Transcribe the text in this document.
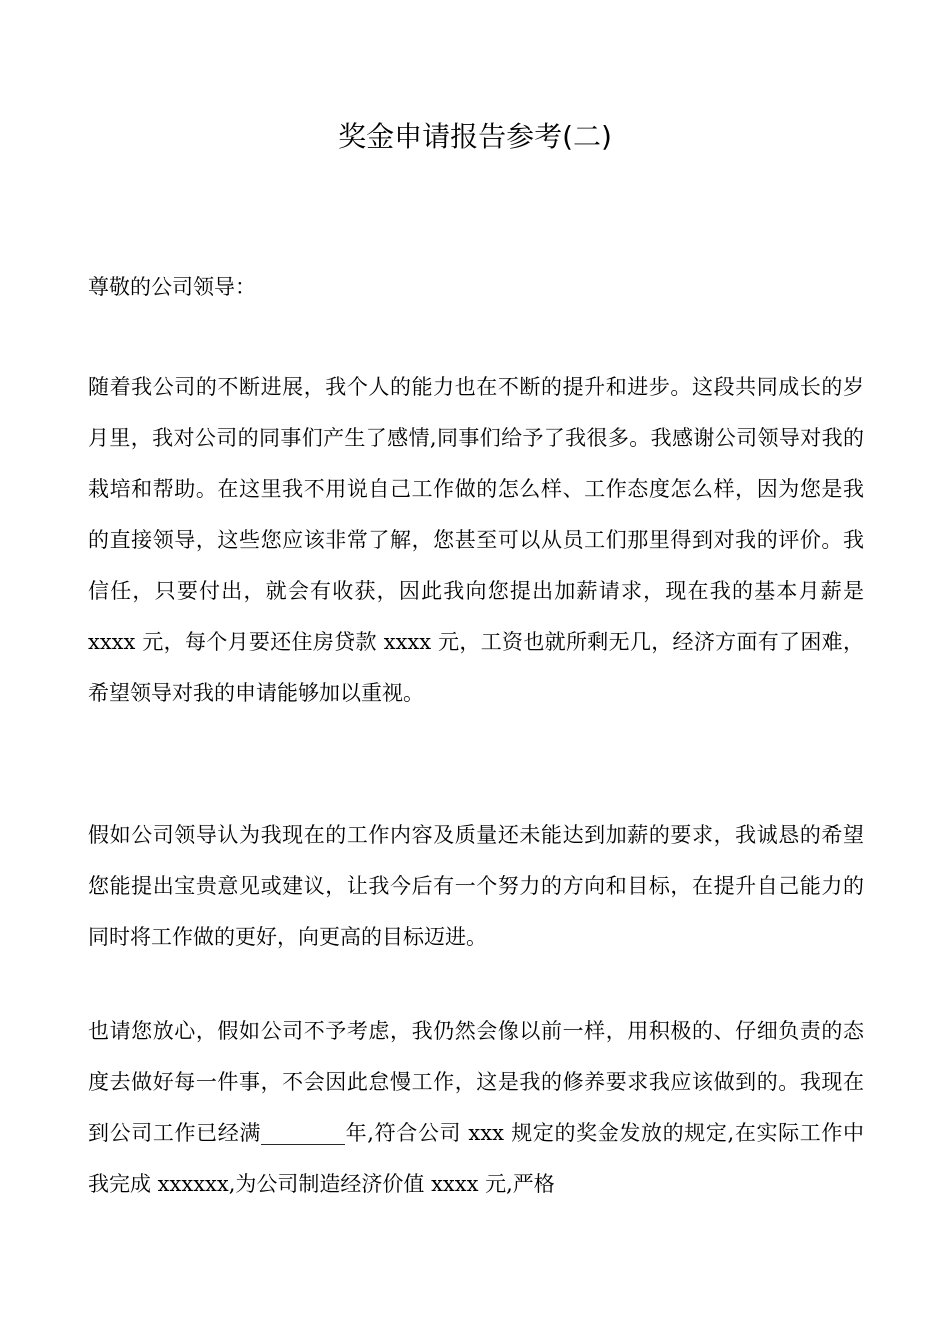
奖金申请报告参考(二)

尊敬的公司领导：

随着我公司的不断进展，我个人的能力也在不断的提升和进步。这段共同成长的岁月里，我对公司的同事们产生了感情,同事们给予了我很多。我感谢公司领导对我的栽培和帮助。在这里我不用说自己工作做的怎么样、工作态度怎么样，因为您是我的直接领导，这些您应该非常了解，您甚至可以从员工们那里得到对我的评价。我信任，只要付出，就会有收获，因此我向您提出加薪请求，现在我的基本月薪是 xxxx 元，每个月要还住房贷款 xxxx 元，工资也就所剩无几，经济方面有了困难，希望领导对我的申请能够加以重视。

假如公司领导认为我现在的工作内容及质量还未能达到加薪的要求，我诚恳的希望您能提出宝贵意见或建议，让我今后有一个努力的方向和目标，在提升自己能力的同时将工作做的更好，向更高的目标迈进。

也请您放心，假如公司不予考虑，我仍然会像以前一样，用积极的、仔细负责的态度去做好每一件事，不会因此怠慢工作，这是我的修养要求我应该做到的。我现在到公司工作已经满________年,符合公司 xxx 规定的奖金发放的规定,在实际工作中我完成 xxxxxx,为公司制造经济价值 xxxx 元,严格
